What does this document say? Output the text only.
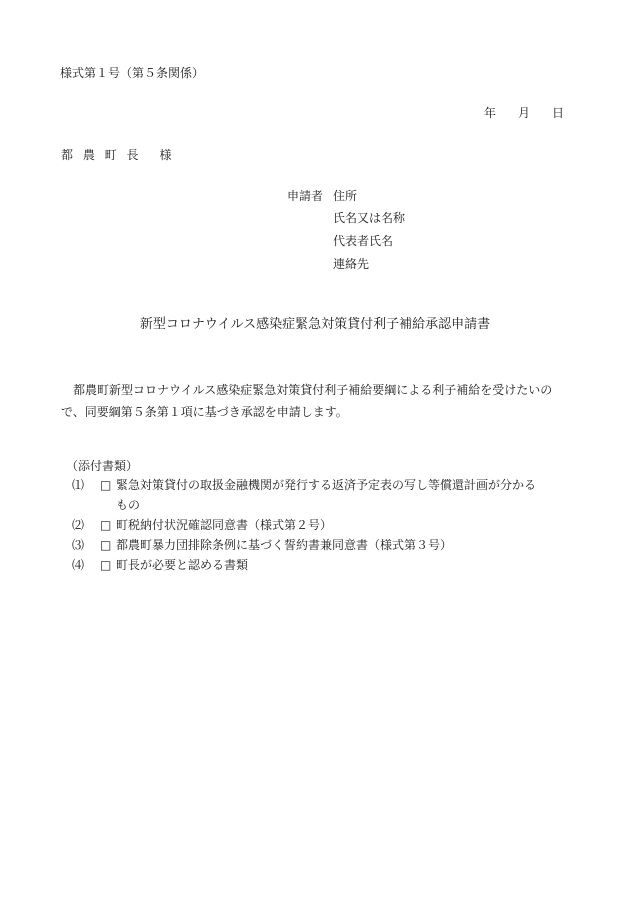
様式第１号（第５条関係）
年 月 日
都 農 町 長 様
申請者 住所
氏名又は名称
代表者氏名
連絡先
新型コロナウイルス感染症緊急対策貸付利子補給承認申請書
都農町新型コロナウイルス感染症緊急対策貸付利子補給要綱による利子補給を受けたいので、同要綱第５条第１項に基づき承認を申請します。
（添付書類）
⑴ □ 緊急対策貸付の取扱金融機関が発行する返済予定表の写し等償還計画が分かる
もの
⑵ □ 町税納付状況確認同意書（様式第２号）
⑶ □ 都農町暴力団排除条例に基づく誓約書兼同意書（様式第３号）
⑷ □ 町長が必要と認める書類
